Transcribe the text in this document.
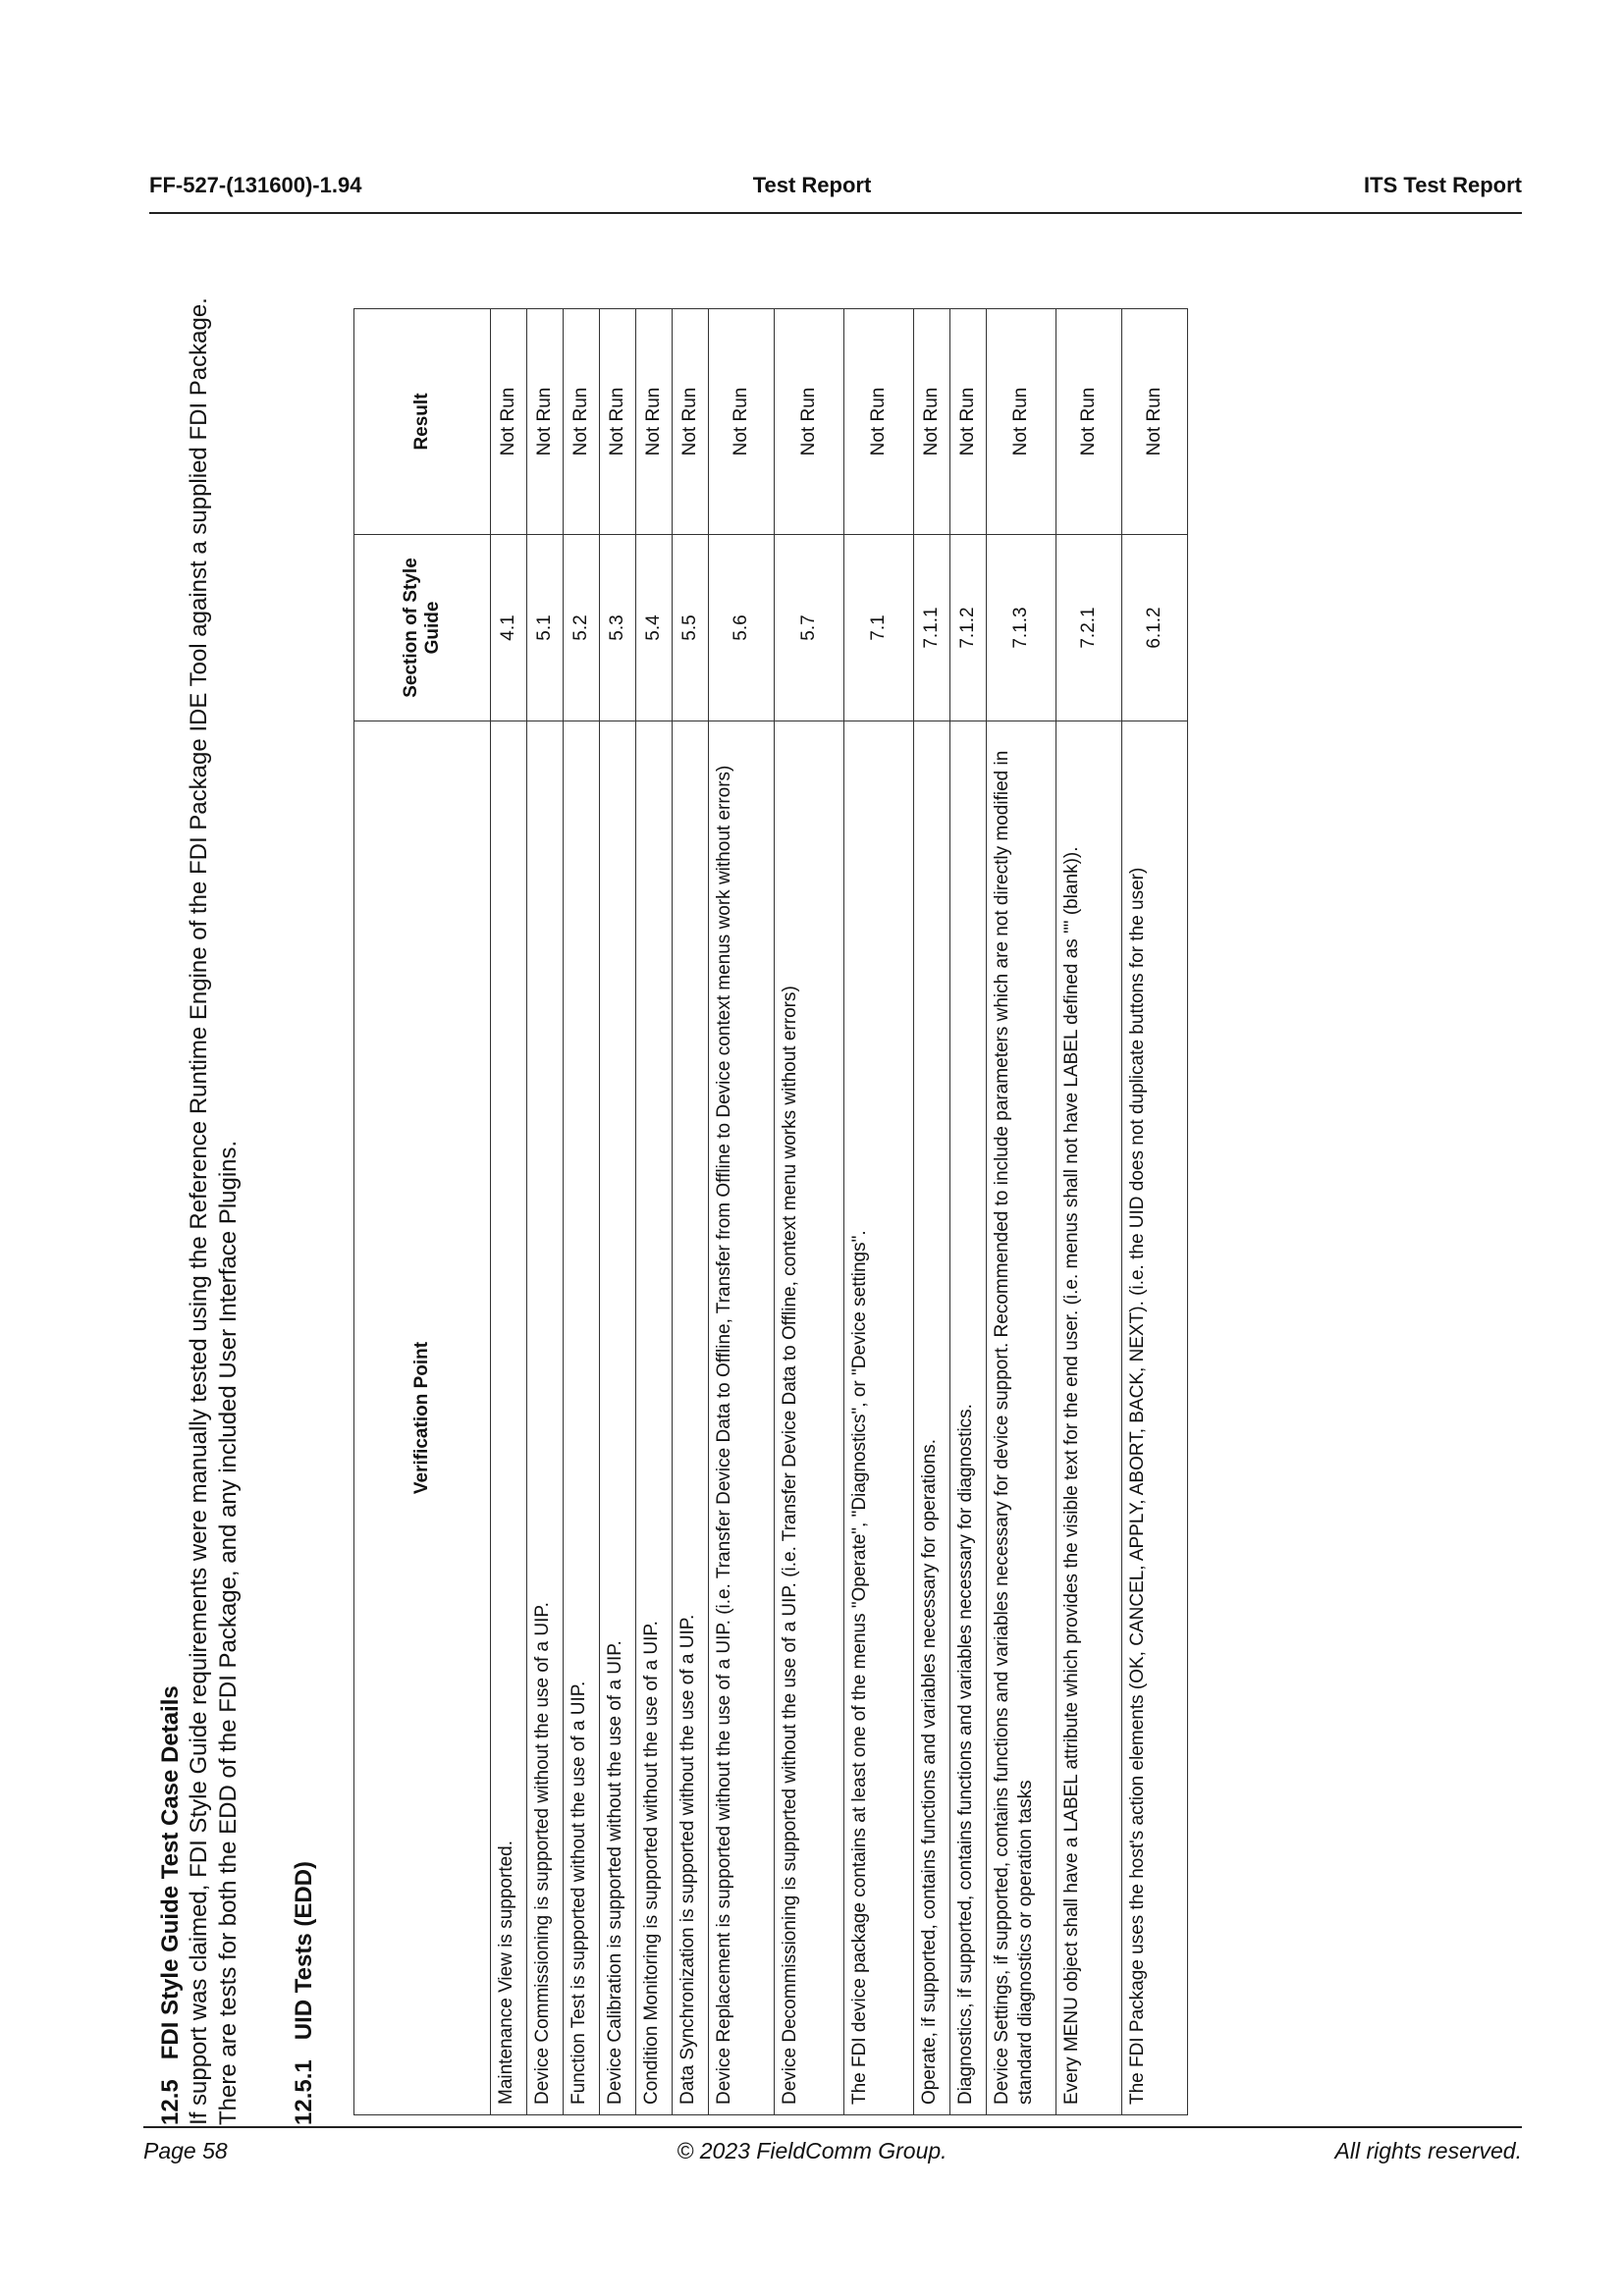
FF-527-(131600)-1.94	Test Report	ITS Test Report
12.5   FDI Style Guide Test Case Details If support was claimed, FDI Style Guide requirements were manually tested using the Reference Runtime Engine of the FDI Package IDE Tool against a supplied FDI Package. There are tests for both the EDD of the FDI Package, and any included User Interface Plugins. 12.5.1   UID Tests (EDD)
Verification Point	Section of Style Guide	Result
Maintenance View is supported.	4.1	Not Run
Device Commissioning is supported without the use of a UIP.	5.1	Not Run
Function Test is supported without the use of a UIP.	5.2	Not Run
Device Calibration is supported without the use of a UIP.	5.3	Not Run
Condition Monitoring is supported without the use of a UIP.	5.4	Not Run
Data Synchronization is supported without the use of a UIP.	5.5	Not Run
Device Replacement is supported without the use of a UIP. (i.e. Transfer Device Data to Offline, Transfer from Offline to Device context menus work without errors)	5.6	Not Run
Device Decommissioning is supported without the use of a UIP. (i.e. Transfer Device Data to Offline, context menu works without errors)	5.7	Not Run
The FDI device package contains at least one of the menus "Operate", "Diagnostics", or "Device settings".	7.1	Not Run
Operate, if supported, contains functions and variables necessary for operations.	7.1.1	Not Run
Diagnostics, if supported, contains functions and variables necessary for diagnostics.	7.1.2	Not Run
Device Settings, if supported, contains functions and variables necessary for device support. Recommended to include parameters which are not directly modified in standard diagnostics or operation tasks	7.1.3	Not Run
Every MENU object shall have a LABEL attribute which provides the visible text for the end user. (i.e. menus shall not have LABEL defined as "" (blank)).	7.2.1	Not Run
The FDI Package uses the host's action elements (OK, CANCEL, APPLY, ABORT, BACK, NEXT). (i.e. the UID does not duplicate buttons for the user)	6.1.2	Not Run
Page 58	© 2023 FieldComm Group.	All rights reserved.
